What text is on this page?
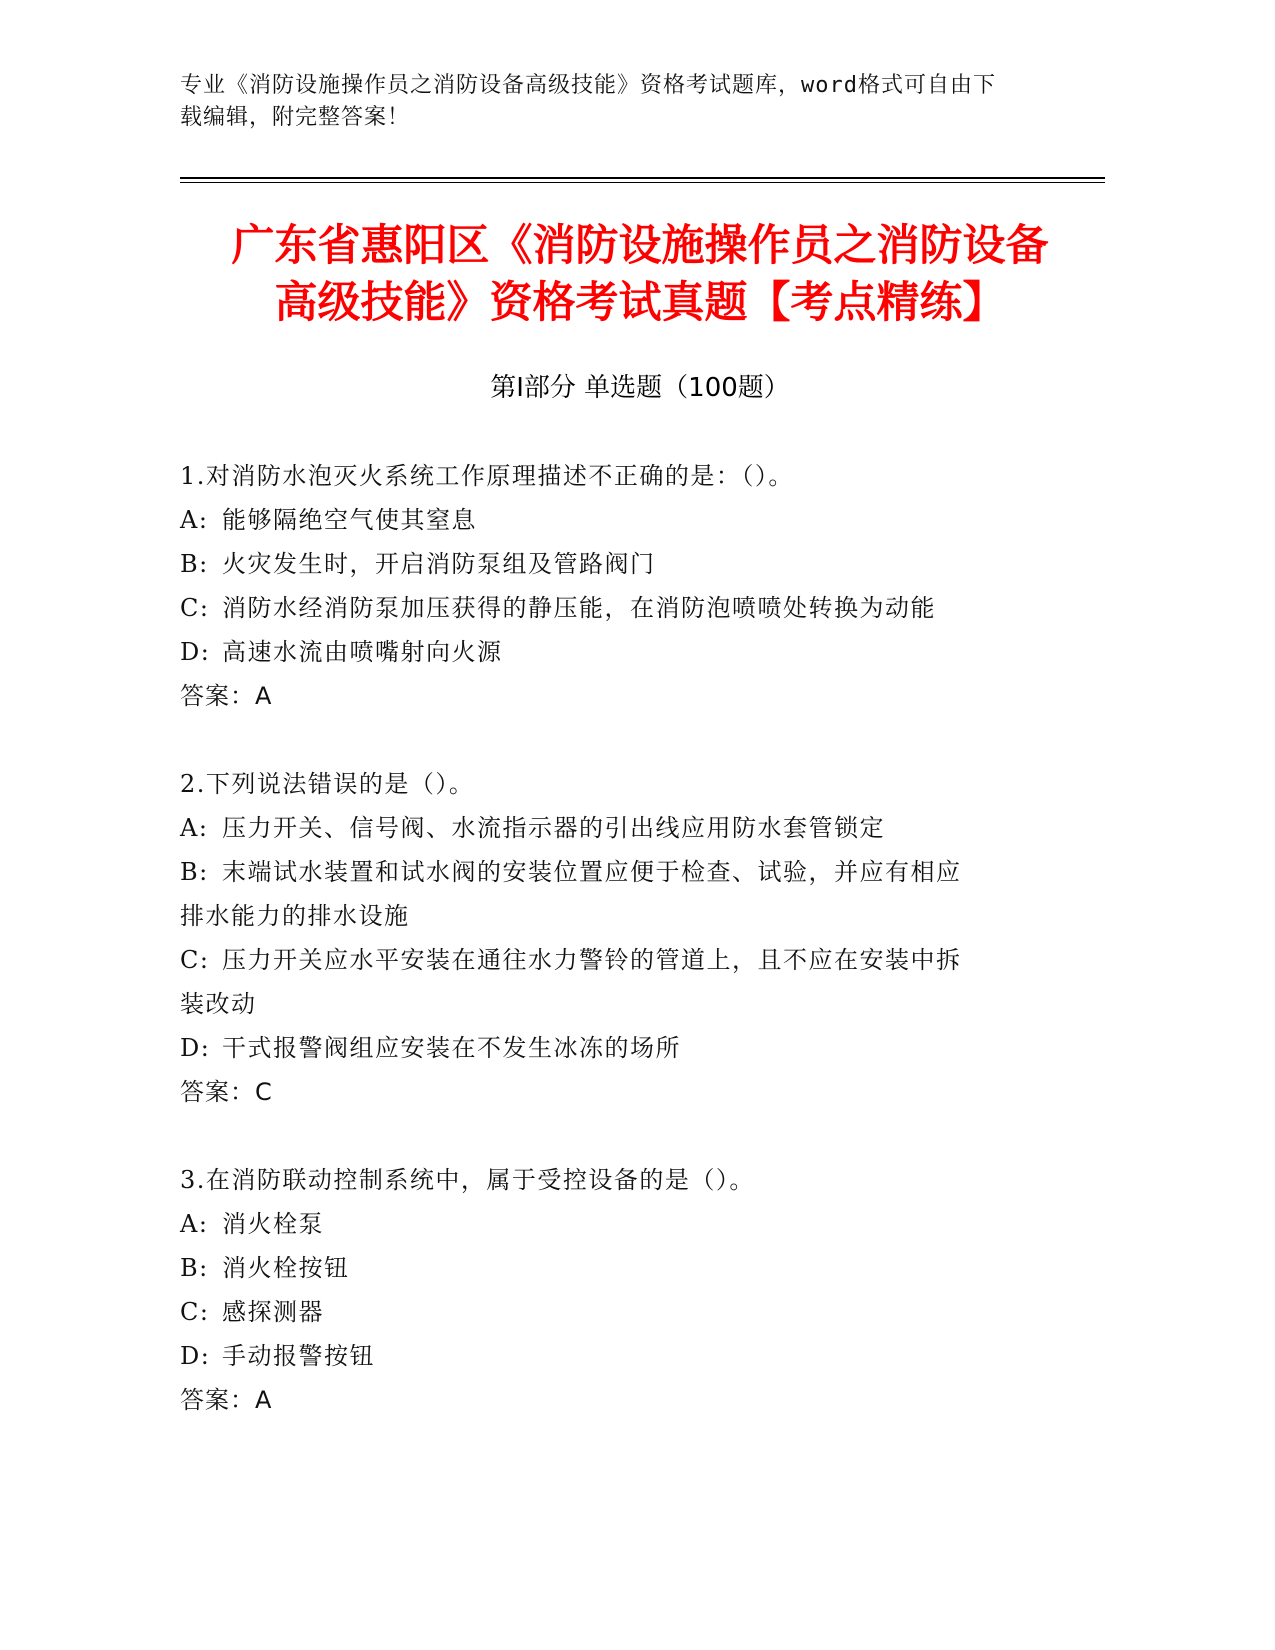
专业《消防设施操作员之消防设备高级技能》资格考试题库，word格式可自由下
载编辑，附完整答案！
广东省惠阳区《消防设施操作员之消防设备
高级技能》资格考试真题【考点精练】
第Ⅰ部分 单选题（100题）
1.对消防水泡灭火系统工作原理描述不正确的是：（）。
A: 能够隔绝空气使其窒息
B: 火灾发生时，开启消防泵组及管路阀门
C: 消防水经消防泵加压获得的静压能，在消防泡喷喷处转换为动能
D: 高速水流由喷嘴射向火源
答案：A
2.下列说法错误的是（）。
A: 压力开关、信号阀、水流指示器的引出线应用防水套管锁定
B: 末端试水装置和试水阀的安装位置应便于检查、试验，并应有相应
排水能力的排水设施
C: 压力开关应水平安装在通往水力警铃的管道上，且不应在安装中拆
装改动
D: 干式报警阀组应安装在不发生冰冻的场所
答案：C
3.在消防联动控制系统中，属于受控设备的是（）。
A: 消火栓泵
B: 消火栓按钮
C: 感探测器
D: 手动报警按钮
答案：A
